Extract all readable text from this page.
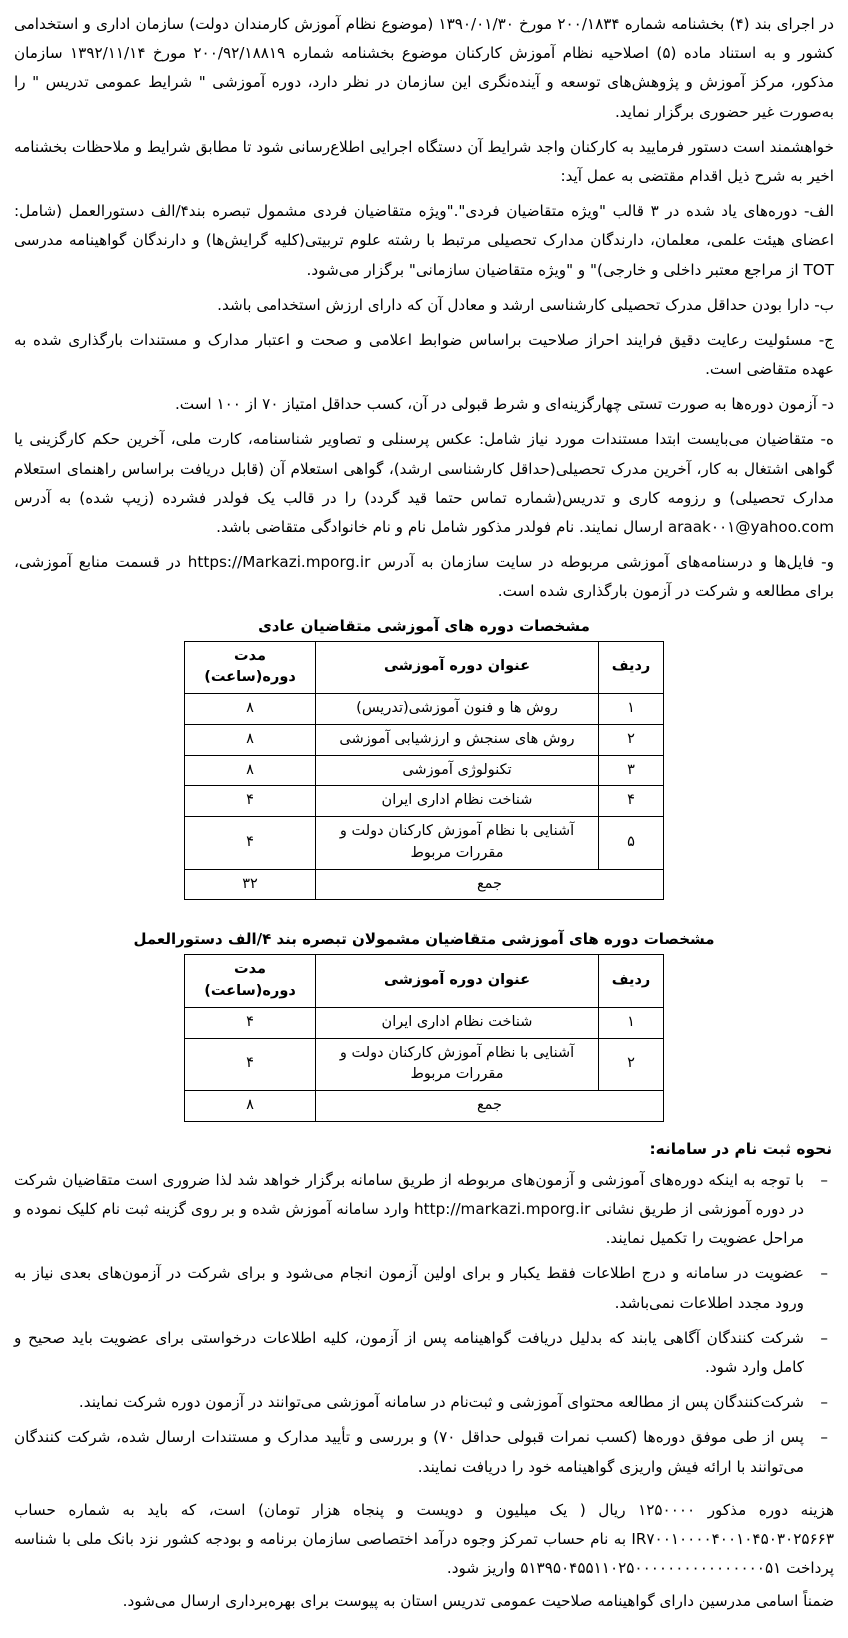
در اجرای بند (۴) بخشنامه شماره ۲۰۰/۱۸۳۴ مورخ ۱۳۹۰/۰۱/۳۰ (موضوع نظام آموزش کارمندان دولت) سازمان اداری و استخدامی کشور و به استناد ماده (۵) اصلاحیه نظام آموزش کارکنان موضوع بخشنامه شماره ۲۰۰/۹۲/۱۸۸۱۹ مورخ ۱۳۹۲/۱۱/۱۴ سازمان مذکور، مرکز آموزش و پژوهش‌های توسعه و آینده‌نگری این سازمان در نظر دارد، دوره آموزشی " شرایط عمومی تدریس " را به‌صورت غیر حضوری برگزار نماید.

خواهشمند است دستور فرمایید به کارکنان واجد شرایط آن دستگاه اجرایی اطلاع‌رسانی شود تا مطابق شرایط و ملاحظات بخشنامه اخیر به شرح ذیل اقدام مقتضی به عمل آید:

الف- دوره‌های یاد شده در ۳ قالب "ویژه متقاضیان فردی"."ویژه متقاضیان فردی مشمول تبصره بند۴/الف دستورالعمل (شامل: اعضای هیئت علمی، معلمان، دارندگان مدارک تحصیلی مرتبط با رشته علوم تربیتی(کلیه گرایش‌ها) و دارندگان گواهینامه مدرسی TOT از مراجع معتبر داخلی و خارجی)" و "ویژه متقاضیان سازمانی" برگزار می‌شود.

ب- دارا بودن حداقل مدرک تحصیلی کارشناسی ارشد و معادل آن که دارای ارزش استخدامی باشد.

ج- مسئولیت رعایت دقیق فرایند احراز صلاحیت براساس ضوابط اعلامی و صحت و اعتبار مدارک و مستندات بارگذاری شده به عهده متقاضی است.

د- آزمون دوره‌ها به صورت تستی چهارگزینه‌ای و شرط قبولی در آن، کسب حداقل امتیاز ۷۰ از ۱۰۰ است.

ه- متقاضیان می‌بایست ابتدا مستندات مورد نیاز شامل: عکس پرسنلی و تصاویر شناسنامه، کارت ملی، آخرین حکم کارگزینی یا گواهی اشتغال به کار، آخرین مدرک تحصیلی(حداقل کارشناسی ارشد)، گواهی استعلام آن (قابل دریافت براساس راهنمای استعلام مدارک تحصیلی) و رزومه کاری و تدریس(شماره تماس حتما قید گردد) را در قالب یک فولدر فشرده (زیپ شده) به آدرس araak۰۰۱@yahoo.com ارسال نمایند. نام فولدر مذکور شامل نام و نام خانوادگی متقاضی باشد.

و- فایل‌ها و درسنامه‌های آموزشی مربوطه در سایت سازمان به آدرس https://Markazi.mporg.ir در قسمت منابع آموزشی، برای مطالعه و شرکت در آزمون بارگذاری شده است.

مشخصات دوره های آموزشی متقاضیان عادی
ردیف	عنوان دوره آموزشی	مدت دوره(ساعت)
۱	روش ها و فنون آموزشی(تدریس)	۸
۲	روش های سنجش و ارزشیابی آموزشی	۸
۳	تکنولوژی آموزشی	۸
۴	شناخت نظام اداری ایران	۴
۵	آشنایی با نظام آموزش کارکنان دولت و مقررات مربوط	۴
جمع		۳۲
مشخصات دوره های آموزشی متقاضیان مشمولان تبصره بند ۴/الف دستورالعمل
ردیف	عنوان دوره آموزشی	مدت دوره(ساعت)
۱	شناخت نظام اداری ایران	۴
۲	آشنایی با نظام آموزش کارکنان دولت و مقررات مربوط	۴
جمع		۸
نحوه ثبت نام در سامانه:
– با توجه به اینکه دوره‌های آموزشی و آزمون‌های مربوطه از طریق سامانه برگزار خواهد شد لذا ضروری است متقاضیان شرکت در دوره آموزشی از طریق نشانی http://markazi.mporg.ir وارد سامانه آموزش شده و بر روی گزینه ثبت نام کلیک نموده و مراحل عضویت را تکمیل نمایند.
– عضویت در سامانه و درج اطلاعات فقط یکبار و برای اولین آزمون انجام می‌شود و برای شرکت در آزمون‌های بعدی نیاز به ورود مجدد اطلاعات نمی‌باشد.
– شرکت کنندگان آگاهی یابند که بدلیل دریافت گواهینامه پس از آزمون، کلیه اطلاعات درخواستی برای عضویت باید صحیح و کامل وارد شود.
– شرکت‌کنندگان پس از مطالعه محتوای آموزشی و ثبت‌نام در سامانه آموزشی می‌توانند در آزمون دوره شرکت نمایند.
– پس از طی موفق دوره‌ها (کسب نمرات قبولی حداقل ۷۰) و بررسی و تأیید مدارک و مستندات ارسال شده، شرکت کنندگان می‌توانند با ارائه فیش واریزی گواهینامه خود را دریافت نمایند.

هزینه دوره مذکور ۱۲۵۰۰۰۰ ریال ( یک میلیون و دویست و پنجاه هزار تومان) است، که باید به شماره حساب IR۷۰۰۱۰۰۰۰۴۰۰۱۰۴۵۰۳۰۲۵۶۶۳ به نام حساب تمرکز وجوه درآمد اختصاصی سازمان برنامه و بودجه کشور نزد بانک ملی با شناسه پرداخت ۵۱۳۹۵۰۴۵۵۱۱۰۲۵۰۰۰۰۰۰۰۰۰۰۰۰۰۰۰۰۵۱ واریز شود.

ضمناً اسامی مدرسین دارای گواهینامه صلاحیت عمومی تدریس استان به پیوست برای بهره‌برداری ارسال می‌شود.
